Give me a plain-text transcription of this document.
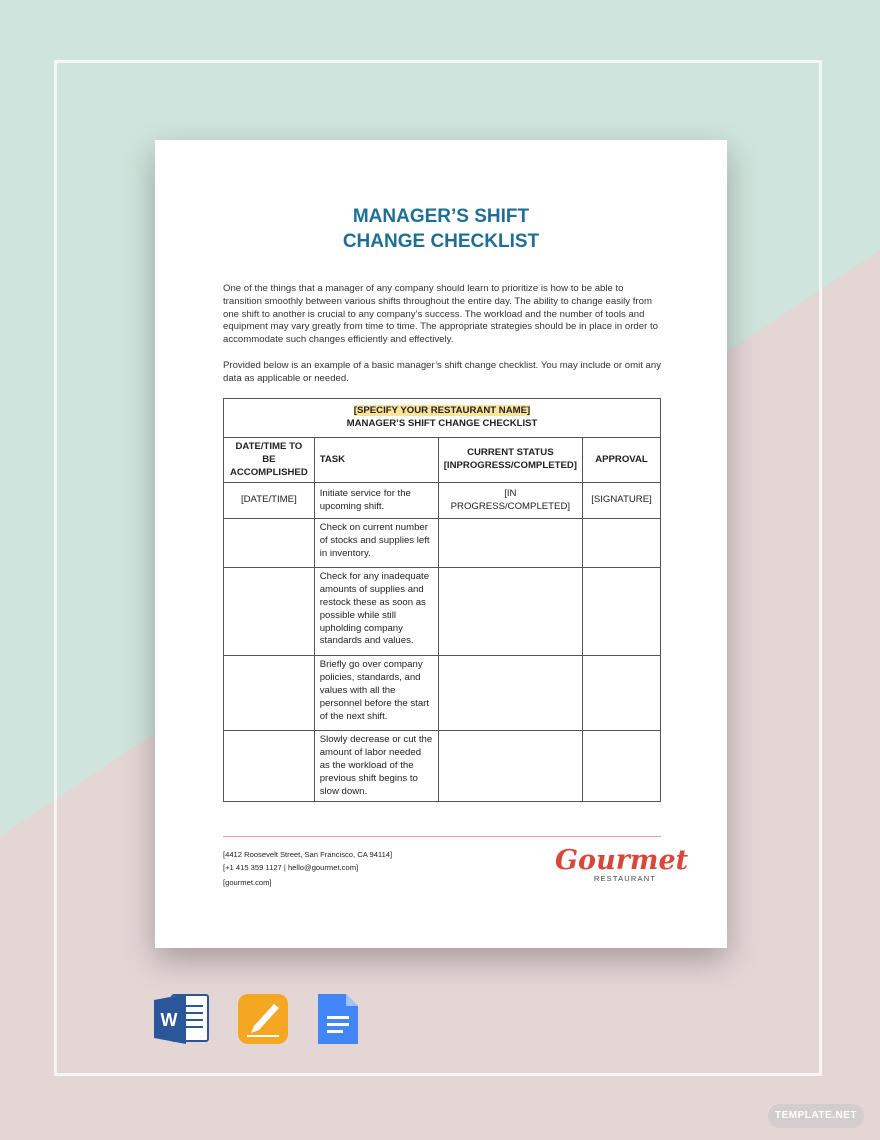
MANAGER’S SHIFT
CHANGE CHECKLIST
One of the things that a manager of any company should learn to prioritize is how to be able to transition smoothly between various shifts throughout the entire day. The ability to change easily from one shift to another is crucial to any company’s success. The workload and the number of tools and equipment may vary greatly from time to time. The appropriate strategies should be in place in order to accommodate such changes efficiently and effectively.
Provided below is an example of a basic manager’s shift change checklist. You may include or omit any data as applicable or needed.
[SPECIFY YOUR RESTAURANT NAME]
MANAGER’S SHIFT CHANGE CHECKLIST			
DATE/TIME TO BE ACCOMPLISHED	TASK	CURRENT STATUS [INPROGRESS/COMPLETED]	APPROVAL
[DATE/TIME]	Initiate service for the upcoming shift.	[IN PROGRESS/COMPLETED]	[SIGNATURE]
	Check on current number of stocks and supplies left in inventory.		
	Check for any inadequate amounts of supplies and restock these as soon as possible while still upholding company standards and values.		
	Briefly go over company policies, standards, and values with all the personnel before the start of the next shift.		
	Slowly decrease or cut the amount of labor needed as the workload of the previous shift begins to slow down.		
[4412 Roosevelt Street, San Francisco, CA 94114]
[+1 415 359 1127 | hello@gourmet.com]
[gourmet.com]
Gourmet
RESTAURANT
W
TEMPLATE.NET
